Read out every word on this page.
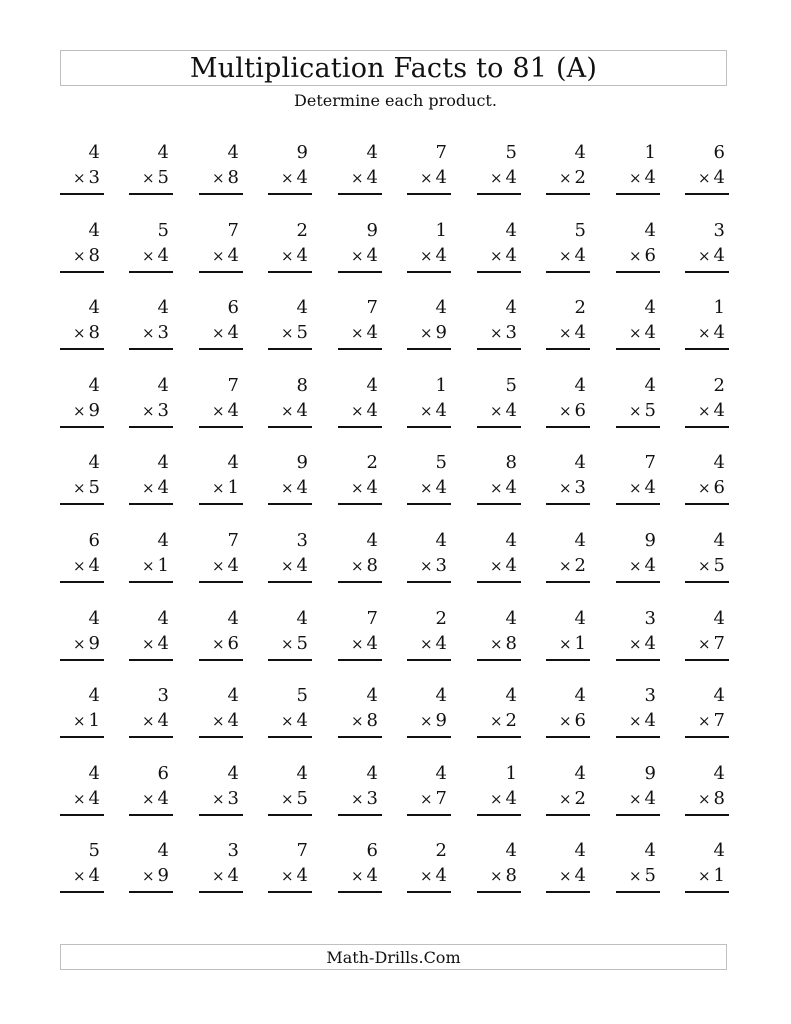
Multiplication Facts to 81 (A)
Determine each product.
4
× 3
4
× 5
4
× 8
9
× 4
4
× 4
7
× 4
5
× 4
4
× 2
1
× 4
6
× 4
4
× 8
5
× 4
7
× 4
2
× 4
9
× 4
1
× 4
4
× 4
5
× 4
4
× 6
3
× 4
4
× 8
4
× 3
6
× 4
4
× 5
7
× 4
4
× 9
4
× 3
2
× 4
4
× 4
1
× 4
4
× 9
4
× 3
7
× 4
8
× 4
4
× 4
1
× 4
5
× 4
4
× 6
4
× 5
2
× 4
4
× 5
4
× 4
4
× 1
9
× 4
2
× 4
5
× 4
8
× 4
4
× 3
7
× 4
4
× 6
6
× 4
4
× 1
7
× 4
3
× 4
4
× 8
4
× 3
4
× 4
4
× 2
9
× 4
4
× 5
4
× 9
4
× 4
4
× 6
4
× 5
7
× 4
2
× 4
4
× 8
4
× 1
3
× 4
4
× 7
4
× 1
3
× 4
4
× 4
5
× 4
4
× 8
4
× 9
4
× 2
4
× 6
3
× 4
4
× 7
4
× 4
6
× 4
4
× 3
4
× 5
4
× 3
4
× 7
1
× 4
4
× 2
9
× 4
4
× 8
5
× 4
4
× 9
3
× 4
7
× 4
6
× 4
2
× 4
4
× 8
4
× 4
4
× 5
4
× 1
Math-Drills.Com
